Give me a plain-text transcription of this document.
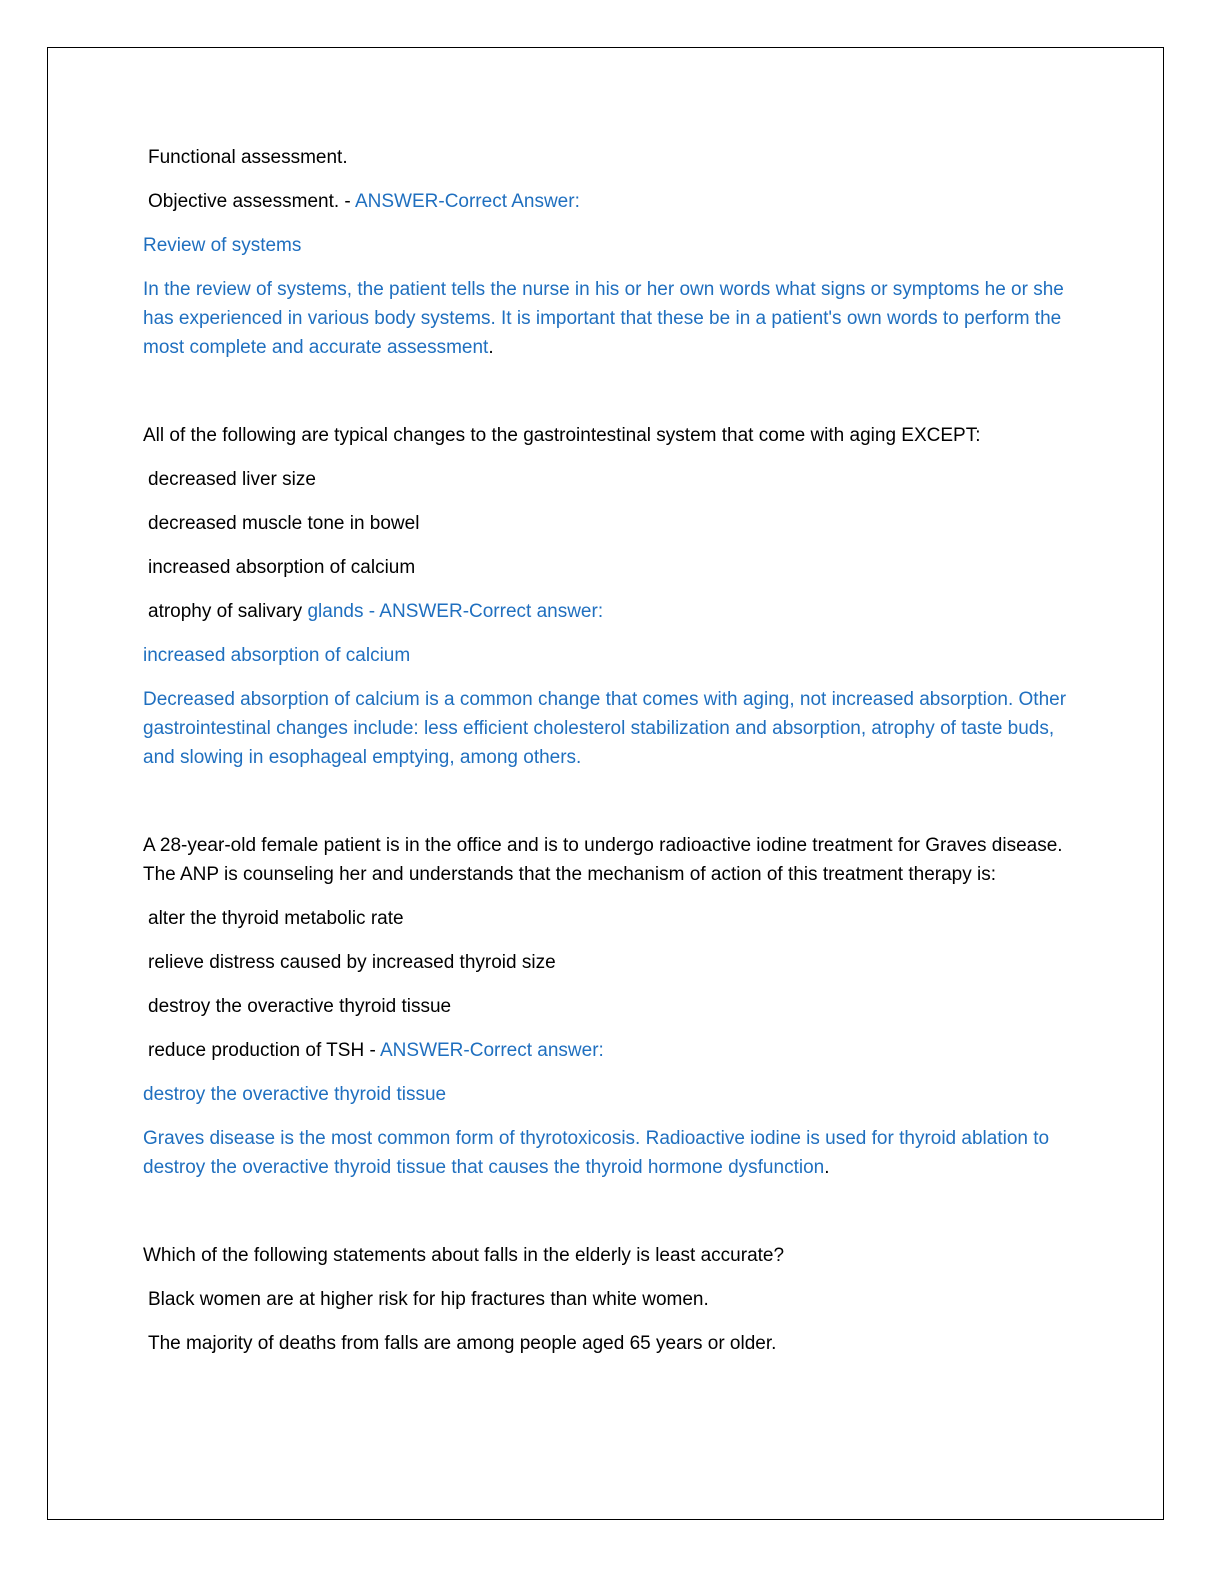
Functional assessment.

Objective assessment. - ANSWER-Correct Answer:

Review of systems

In the review of systems, the patient tells the nurse in his or her own words what signs or symptoms he or she has experienced in various body systems. It is important that these be in a patient's own words to perform the most complete and accurate assessment.

All of the following are typical changes to the gastrointestinal system that come with aging EXCEPT:

decreased liver size

decreased muscle tone in bowel

increased absorption of calcium

atrophy of salivary glands - ANSWER-Correct answer:

increased absorption of calcium

Decreased absorption of calcium is a common change that comes with aging, not increased absorption. Other gastrointestinal changes include: less efficient cholesterol stabilization and absorption, atrophy of taste buds, and slowing in esophageal emptying, among others.

A 28-year-old female patient is in the office and is to undergo radioactive iodine treatment for Graves disease. The ANP is counseling her and understands that the mechanism of action of this treatment therapy is:

alter the thyroid metabolic rate

relieve distress caused by increased thyroid size

destroy the overactive thyroid tissue

reduce production of TSH - ANSWER-Correct answer:

destroy the overactive thyroid tissue

Graves disease is the most common form of thyrotoxicosis. Radioactive iodine is used for thyroid ablation to destroy the overactive thyroid tissue that causes the thyroid hormone dysfunction.

Which of the following statements about falls in the elderly is least accurate?

Black women are at higher risk for hip fractures than white women.

The majority of deaths from falls are among people aged 65 years or older.
